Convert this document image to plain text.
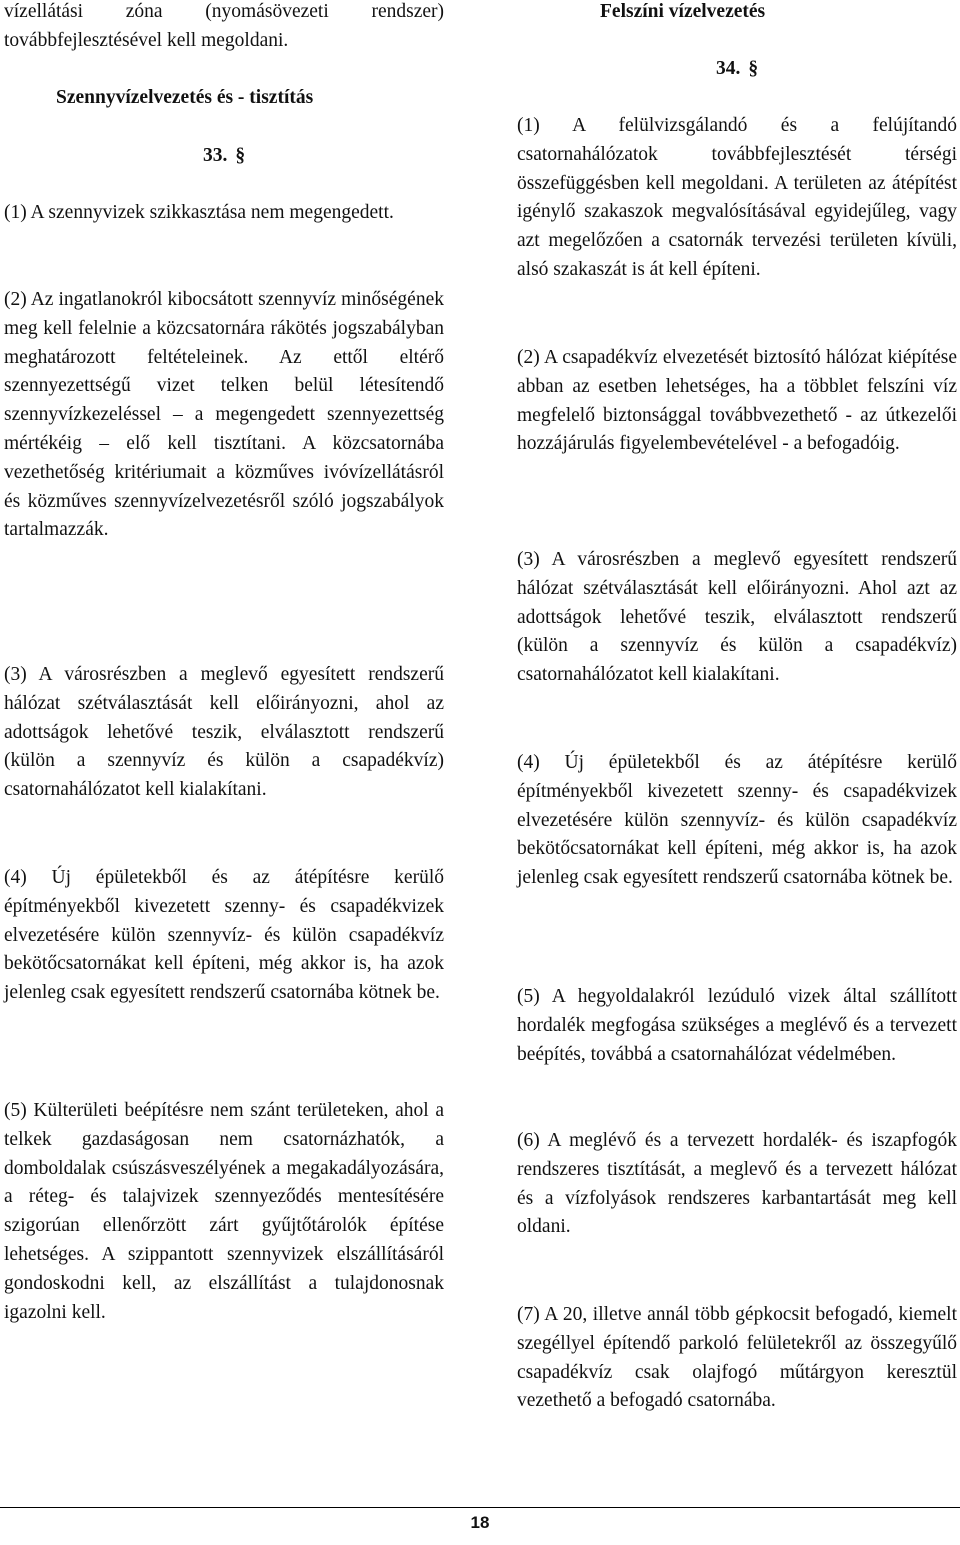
vízellátási zóna (nyomásövezeti rendszer) továbbfejlesztésével kell megoldani.

Szennyvízelvezetés és - tisztítás

33. §

(1) A szennyvizek szikkasztása nem megengedett.

(2) Az ingatlanokról kibocsátott szennyvíz minőségének meg kell felelnie a közcsatornára rákötés jogszabályban meghatározott feltételeinek. Az ettől eltérő szennyezettségű vizet telken belül létesítendő szennyvízkezeléssel – a megengedett szennyezettség mértékéig – elő kell tisztítani. A közcsatornába vezethetőség kritériumait a közműves ivóvízellátásról és közműves szennyvízelvezetésről szóló jogszabályok tartalmazzák.

(3) A városrészben a meglevő egyesített rendszerű hálózat szétválasztását kell előirányozni, ahol az adottságok lehetővé teszik, elválasztott rendszerű (külön a szennyvíz és külön a csapadékvíz) csatornahálózatot kell kialakítani.

(4) Új épületekből és az átépítésre kerülő építményekből kivezetett szenny- és csapadékvizek elvezetésére külön szennyvíz- és külön csapadékvíz bekötőcsatornákat kell építeni, még akkor is, ha azok jelenleg csak egyesített rendszerű csatornába kötnek be.

(5) Külterületi beépítésre nem szánt területeken, ahol a telkek gazdaságosan nem csatornázhatók, a domboldalak csúszásveszélyének a megakadályozására, a réteg- és talajvizek szennyeződés mentesítésére szigorúan ellenőrzött zárt gyűjtőtárolók építése lehetséges. A szippantott szennyvizek elszállításáról gondoskodni kell, az elszállítást a tulajdonosnak igazolni kell.

Felszíni vízelvezetés

34. §

(1) A felülvizsgálandó és a felújítandó csatornahálózatok továbbfejlesztését térségi összefüggésben kell megoldani. A területen az átépítést igénylő szakaszok megvalósításával egyidejűleg, vagy azt megelőzően a csatornák tervezési területen kívüli, alsó szakaszát is át kell építeni.

(2) A csapadékvíz elvezetését biztosító hálózat kiépítése abban az esetben lehetséges, ha a többlet felszíni víz megfelelő biztonsággal továbbvezethető - az útkezelői hozzájárulás figyelembevételével - a befogadóig.

(3) A városrészben a meglevő egyesített rendszerű hálózat szétválasztását kell előirányozni. Ahol azt az adottságok lehetővé teszik, elválasztott rendszerű (külön a szennyvíz és külön a csapadékvíz) csatornahálózatot kell kialakítani.

(4) Új épületekből és az átépítésre kerülő építményekből kivezetett szenny- és csapadékvizek elvezetésére külön szennyvíz- és külön csapadékvíz bekötőcsatornákat kell építeni, még akkor is, ha azok jelenleg csak egyesített rendszerű csatornába kötnek be.

(5) A hegyoldalakról lezúduló vizek által szállított hordalék megfogása szükséges a meglévő és a tervezett beépítés, továbbá a csatornahálózat védelmében.

(6) A meglévő és a tervezett hordalék- és iszapfogók rendszeres tisztítását, a meglevő és a tervezett hálózat és a vízfolyások rendszeres karbantartását meg kell oldani.

(7) A 20, illetve annál több gépkocsit befogadó, kiemelt szegéllyel építendő parkoló felületekről az összegyűlő csapadékvíz csak olajfogó műtárgyon keresztül vezethető a befogadó csatornába.

18
